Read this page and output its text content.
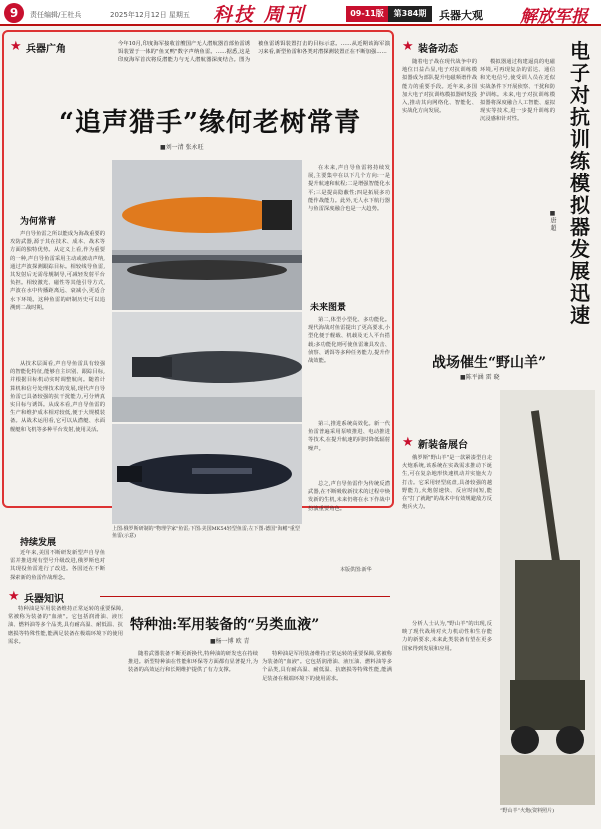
9	责任编辑/王杜兵	2025年12月12日 星期五 科技 周刊	09-11版	第384期	兵器大观 解放军报
★ 兵器广角	今年10月,印度海军接收首艘国产无人潜航器首部鱼雷诱饵装置于一体的"鱼叉鸭"数字声纳鱼雷。……据悉,这是印度海军首次将反潜能力与无人潜航器深度结合。图为被鱼雷诱饵装置打击的目标示意。……从近期该海军演习来看,新型鱼雷和各类对潜探测装置正在不断加强……
“追声猎手”缘何老树常青
■刘一清 张永旺
为何常青
声自导鱼雷之所以能成为海战重要的攻防武器,源于其在技术、成本、战术等方面的独特优势。从定义上看,作为重要的一种,声自导鱼雷采用主动或被动声纳,通过声波探测跟踪目标。相较线导鱼雷,其发射后无需母舰制导,可减轻发射平台负担。相较激光、磁性等其他引导方式,声波在水中传播距离远、衰减小,更适合水下环境。这种鱼雷的研制历史可以追溯到二战时期。
从技术层面看,声自导鱼雷具有较强的智能化特征,能够自主识别、跟踪目标,并根据目标机动实时调整航向。随着计算机和信号处理技术的发展,现代声自导鱼雷已具备较强的抗干扰能力,可分辨真实目标与诱饵。从成本看,声自导鱼雷的生产和维护成本相对较低,便于大规模装备。从战术运用看,它可以从潜艇、水面舰艇和飞机等多种平台发射,使用灵活。
持续发展
近年来,美国不断研发新型声自导鱼雷并推进现有型号升级改进,俄罗斯也对其现役鱼雷进行了改进。各国还在不断探索新的鱼雷作战理念。
上图:俄罗斯研制的"物理学家"鱼雷;下图:美国MK54轻型鱼雷;左下图:德国"海鳝"重型鱼雷(示意)
未来图景
在未来,声自导鱼雷将持续发展,主要集中在以下几个方向:一是提升航速和航程;二是增强智能化水平;三是提高隐蔽性;四是拓展多功能作战能力。此外,无人水下航行器与鱼雷深度融合也是一大趋势。
第二,体型小型化、多功能化。现代海战对鱼雷提出了更高要求,小型化便于舰载、机载及无人平台搭载;多功能化则可使鱼雷兼具攻击、侦察、诱饵等多种任务能力,提升作战效能。
第三,推进系统高效化。新一代鱼雷普遍采用泵喷推进、电动推进等技术,在提升航速的同时降低辐射噪声。
总之,声自导鱼雷作为传统反潜武器,在不断吸收新技术的过程中焕发新的生机,未来仍将在水下作战中扮演重要角色。
本版供图:新华
★ 装备动态	电子对抗训练模拟器发展迅速
■唐 超
随着电子战在现代战争中的地位日益凸显,电子对抗训练模拟器成为部队提升电磁频谱作战能力的重要手段。近年来,多国加大电子对抗训练模拟器研发投入,推动其向网络化、智能化、实战化方向发展。
模拟器通过构建逼真的电磁环境,可再现复杂的雷达、通信和光电信号,使受训人员在近似实战条件下开展侦察、干扰和防护训练。未来,电子对抗训练模拟器将深度融合人工智能、虚拟现实等技术,进一步提升训练的沉浸感和针对性。
战场催生“野山羊”
■陈平涵 雷 晓
★ 新装备展台
俄罗斯"野山羊"是一款紧凑型自走火炮系统,该系统在实战需求推动下诞生,可在复杂地形快速机动并实施火力打击。它采用轻型底盘,具备较强的越野能力,火炮射速快、反应时间短,能在"打了就跑"的战术中有效规避敌方反炮兵火力。
分析人士认为,"野山羊"的出现,反映了现代战场对火力机动性和生存能力的新要求,未来此类装备有望在更多国家得到发展和应用。
“野山羊”火炮(资料照片)
★ 兵器知识
特种油:军用装备的“另类血液”
■杨一博 欧 青
特种油是军用装备维持正常运转的重要保障,常被称为装备的"血液"。它包括润滑油、液压油、燃料油等多个品类,具有耐高温、耐低温、抗磨损等特殊性能,能满足装备在极端环境下的使用需求。
随着武器装备不断更新换代,特种油的研发也在持续推进。新型特种油在性能和环保等方面都有显著提升,为装备的高效运行和长期维护提供了有力支撑。
特种油是军用装备维持正常运转的重要保障,常被称为装备的"血液"。它包括润滑油、液压油、燃料油等多个品类,具有耐高温、耐低温、抗磨损等特殊性能,能满足装备在极端环境下的使用需求。
